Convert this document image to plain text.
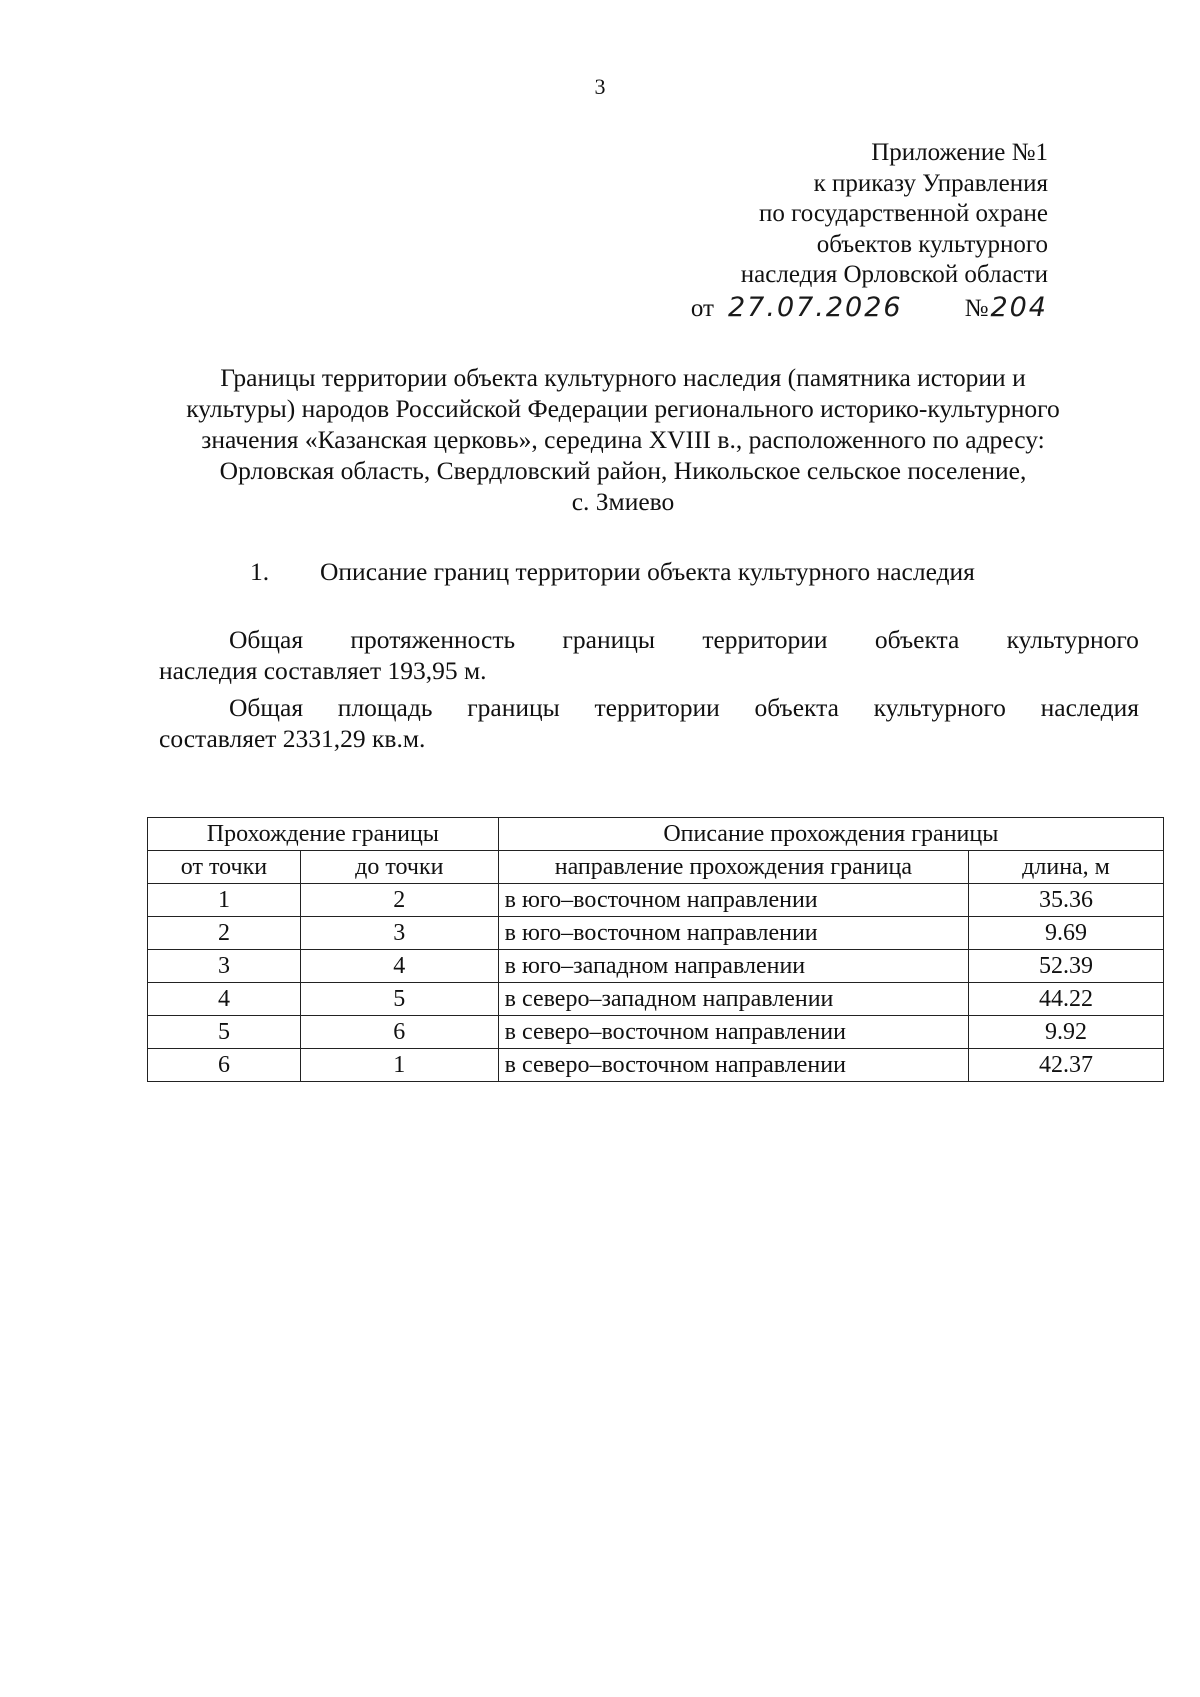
3
Приложение №1
к приказу Управления
по государственной охране
объектов культурного
наследия Орловской области
от 27.07.2026 №204
Границы территории объекта культурного наследия (памятника истории и
культуры) народов Российской Федерации регионального историко-культурного
значения «Казанская церковь», середина XVIII в., расположенного по адресу:
Орловская область, Свердловский район, Никольское сельское поселение,
с. Змиево
1. Описание границ территории объекта культурного наследия
Общая протяженность границы территории объекта культурного
наследия составляет 193,95 м.
Общая площадь границы территории объекта культурного наследия
составляет 2331,29 кв.м.
Прохождение границы		Описание прохождения границы	
от точки	до точки	направление прохождения граница	длина, м
1	2	в юго–восточном направлении	35.36
2	3	в юго–восточном направлении	9.69
3	4	в юго–западном направлении	52.39
4	5	в северо–западном направлении	44.22
5	6	в северо–восточном направлении	9.92
6	1	в северо–восточном направлении	42.37
